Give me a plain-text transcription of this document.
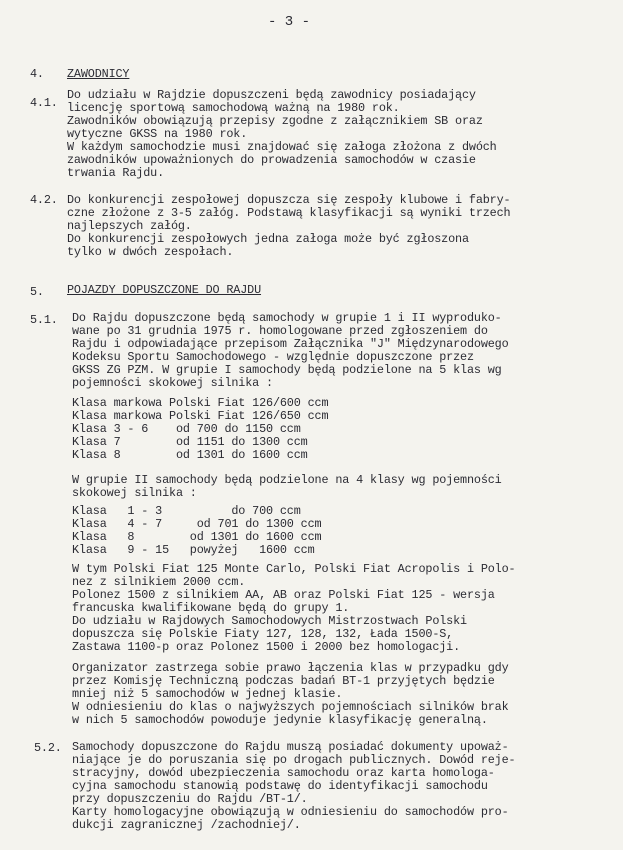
- 3 -
4. ZAWODNICY
4.1.
Do udziału w Rajdzie dopuszczeni będą zawodnicy posiadający
licencję sportową samochodową ważną na 1980 rok.
Zawodników obowiązują przepisy zgodne z załącznikiem SB oraz
wytyczne GKSS na 1980 rok.
W każdym samochodzie musi znajdować się załoga złożona z dwóch
zawodników upoważnionych do prowadzenia samochodów w czasie
trwania Rajdu.
4.2. Do konkurencji zespołowej dopuszcza się zespoły klubowe i fabry-
czne złożone z 3-5 załóg. Podstawą klasyfikacji są wyniki trzech
najlepszych załóg.
Do konkurencji zespołowych jedna załoga może być zgłoszona
tylko w dwóch zespołach.
5. POJAZDY DOPUSZCZONE DO RAJDU
5.1. Do Rajdu dopuszczone będą samochody w grupie 1 i II wyprodukо-
wane po 31 grudnia 1975 r. homologowane przed zgłoszeniem do
Rajdu i odpowiadające przepisom Załącznika "J" Międzynarodowego
Kodeksu Sportu Samochodowego - względnie dopuszczone przez
GKSS ZG PZM. W grupie I samochody będą podzielone na 5 klas wg
pojemności skokowej silnika :
Klasa markowa Polski Fiat 126/600 ccm
Klasa markowa Polski Fiat 126/650 ccm
Klasa 3 - 6    od 700 do 1150 ccm
Klasa 7        od 1151 do 1300 ccm
Klasa 8        od 1301 do 1600 ccm
W grupie II samochody będą podzielone na 4 klasy wg pojemności
skokowej silnika :
Klasa   1 - 3          do 700 ccm
Klasa   4 - 7     od 701 do 1300 ccm
Klasa   8        od 1301 do 1600 ccm
Klasa   9 - 15   powyżej   1600 ccm
W tym Polski Fiat 125 Monte Carlo, Polski Fiat Acropolis i Polo-
nez z silnikiem 2000 ccm.
Polonez 1500 z silnikiem AA, AB oraz Polski Fiat 125 - wersja
francuska kwalifikowane będą do grupy 1.
Do udziału w Rajdowych Samochodowych Mistrzostwach Polski
dopuszcza się Polskie Fiaty 127, 128, 132, Łada 1500-S,
Zastawa 1100-p oraz Polonez 1500 i 2000 bez homologacji.
Organizator zastrzega sobie prawo łączenia klas w przypadku gdy
przez Komisję Techniczną podczas badań BT-1 przyjętych będzie
mniej niż 5 samochodów w jednej klasie.
W odniesieniu do klas o najwyższych pojemnościach silników brak
w nich 5 samochodów powoduje jedynie klasyfikację generalną.
5.2. Samochody dopuszczone do Rajdu muszą posiadać dokumenty upoważ-
niające je do poruszania się po drogach publicznych. Dowód reje-
stracyjny, dowód ubezpieczenia samochodu oraz karta homologa-
cyjna samochodu stanowią podstawę do identyfikacji samochodu
przy dopuszczeniu do Rajdu /BT-1/.
Karty homologacyjne obowiązują w odniesieniu do samochodów pro-
dukcji zagranicznej /zachodniej/.
